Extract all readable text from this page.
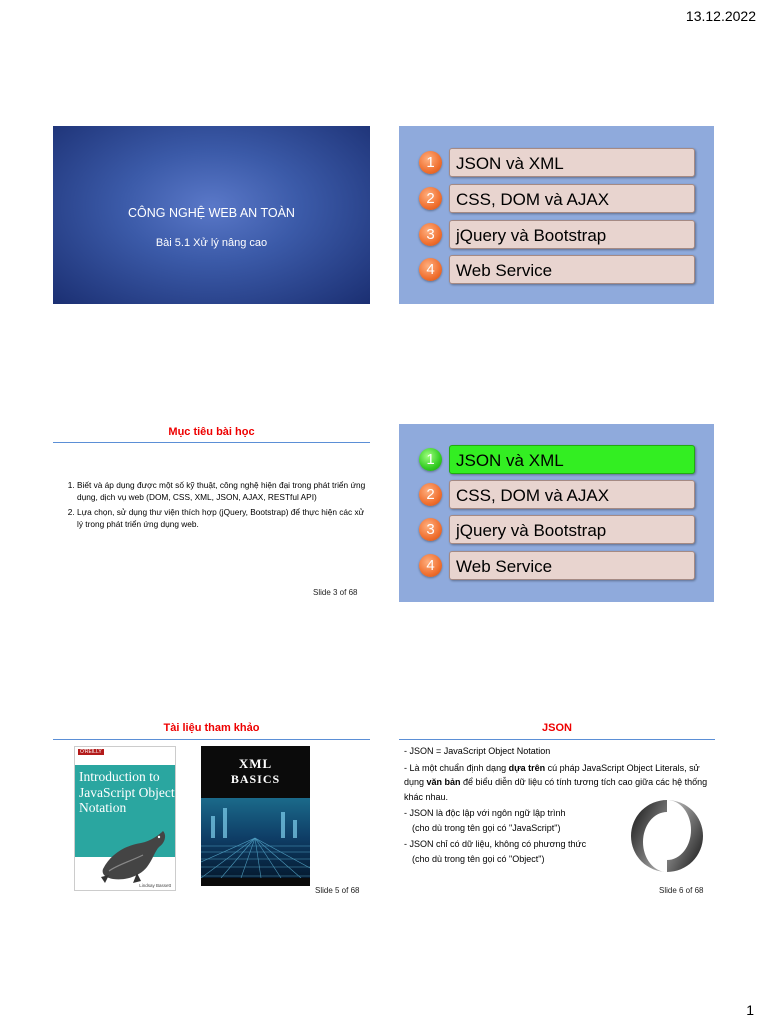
13.12.2022
CÔNG NGHỆ WEB AN TOÀN
Bài 5.1 Xử lý nâng cao
1	JSON và XML
2	CSS, DOM và AJAX
3	jQuery và Bootstrap
4	Web Service
Mục tiêu bài học
1. Biết và áp dụng được một số kỹ thuật, công nghệ hiện đại trong phát triển ứng dụng, dịch vụ web (DOM, CSS, XML, JSON, AJAX, RESTful API)
2. Lựa chọn, sử dụng thư viện thích hợp (jQuery, Bootstrap) để thực hiện các xử lý trong phát triển ứng dụng web.
Slide 3 of 68
1	JSON và XML
2	CSS, DOM và AJAX
3	jQuery và Bootstrap
4	Web Service
Tài liệu tham khảo
O'REILLY
Introduction to JavaScript Object Notation
Lindsay Bassett
XML
BASICS
Slide 5 of 68
JSON
- JSON = JavaScript Object Notation
- Là một chuẩn định dạng dựa trên cú pháp JavaScript Object Literals, sử dụng văn bản để biểu diễn dữ liệu có tính tương tích cao giữa các hệ thống khác nhau.
- JSON là độc lập với ngôn ngữ lập trình
(cho dù trong tên gọi có "JavaScript")
- JSON chỉ có dữ liệu, không có phương thức
(cho dù trong tên gọi có "Object")
Slide 6 of 68
1
